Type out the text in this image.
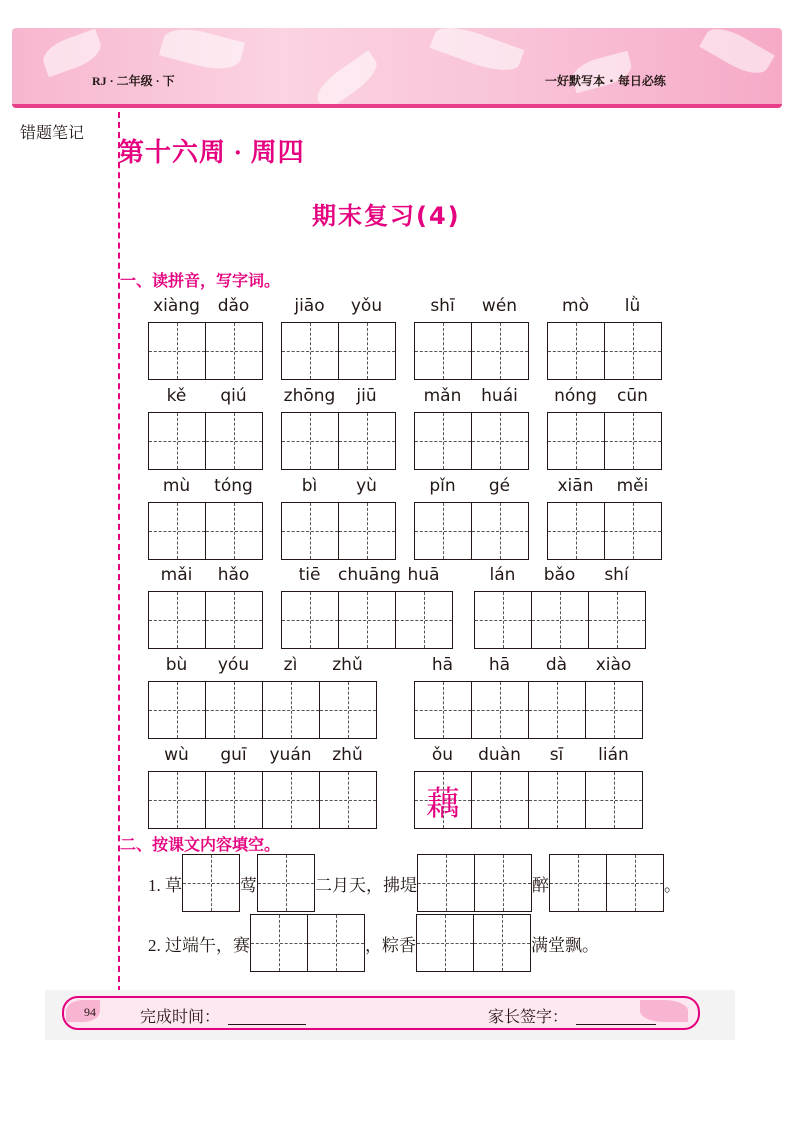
RJ · 二年级 · 下	一好默写本 · 每日必练
错题笔记
第十六周 · 周四
期末复习(4)
一、读拼音，写字词。
xiàng	dǎo	jiāo	yǒu	shī	wén	mò	lǜ
kě	qiú	zhōng	jiū	mǎn	huái	nóng	cūn
mù	tóng	bì	yù	pǐn	gé	xiān	měi
mǎi	hǎo	tiē	chuāng huā	lán	bǎo	shí
bù	yóu	zì	zhǔ	hā	hā	dà	xiào
wù	guī	yuán	zhǔ	ǒu	duàn	sī	lián
藕
二、按课文内容填空。
1. 草	莺	二月天，拂堤	醉	。
2. 过端午，赛	，粽香	满堂飘。
94	完成时间：	家长签字：
